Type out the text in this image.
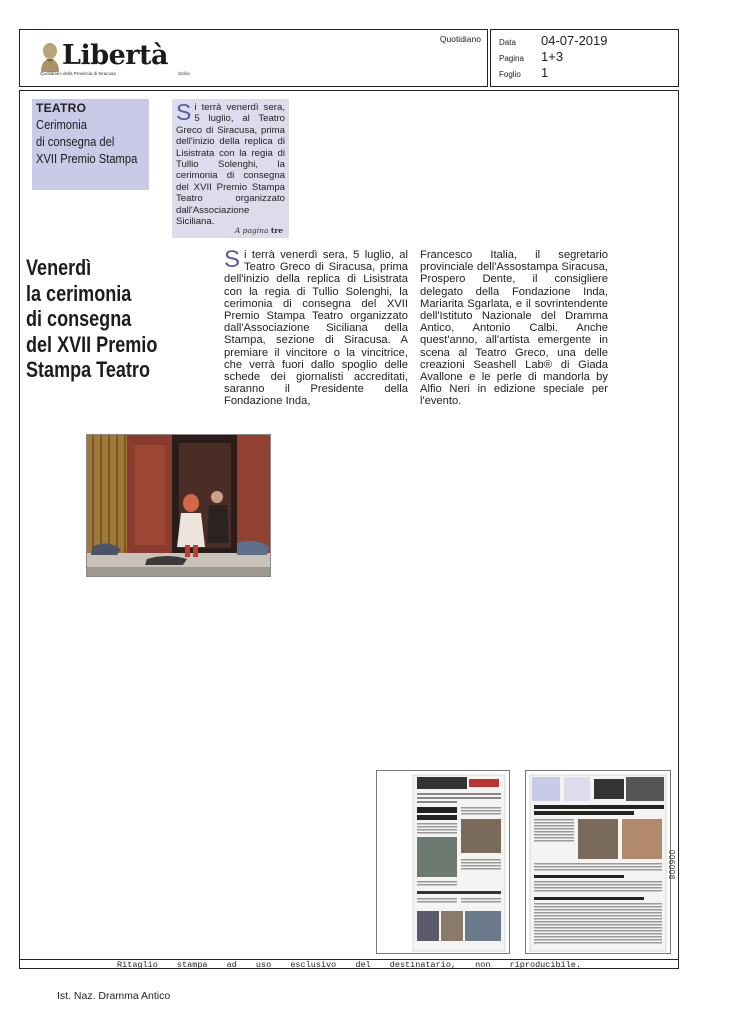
Libertà
Quotidiano della Provincia di Siracusa	Sicilia
Quotidiano Data	04-07-2019
Pagina	1+3
Foglio	1
TEATRO
Cerimonia
di consegna del
XVII Premio Stampa

Si terrà venerdì sera, 5 luglio, al Teatro Greco di Siracusa, prima dell'inizio della replica di Lisistrata con la regia di Tullio Solenghi, la cerimonia di consegna del XVII Premio Stampa Teatro organizzato dall'Associazione Siciliana.

A pagina tre
Venerdì
la cerimonia
di consegna
del XVII Premio
Stampa Teatro

Si terrà venerdì sera, 5 luglio, al Teatro Greco di Siracusa, prima dell'inizio della replica di Lisistrata con la regia di Tullio Solenghi, la cerimonia di consegna del XVII Premio Stampa Teatro organizzato dall'Associazione Siciliana della Stampa, sezione di Siracusa. A premiare il vincitore o la vincitrice, che verrà fuori dallo spoglio delle schede dei giornalisti accreditati, saranno il Presidente della Fondazione Inda,

Francesco Italia, il segretario provinciale dell'Assostampa Siracusa, Prospero Dente, il consigliere delegato della Fondazione Inda, Mariarita Sgarlata, e il sovrintendente dell'Istituto Nazionale del Dramma Antico, Antonio Calbi. Anche quest'anno, all'artista emergente in scena al Teatro Greco, una delle creazioni Seashell Lab® di Giada Avallone e le perle di mandorla by Alfio Neri in edizione speciale per l'evento.

006008
Ritaglio stampa ad uso esclusivo del destinatario, non riproducibile.
Ist. Naz. Dramma Antico
